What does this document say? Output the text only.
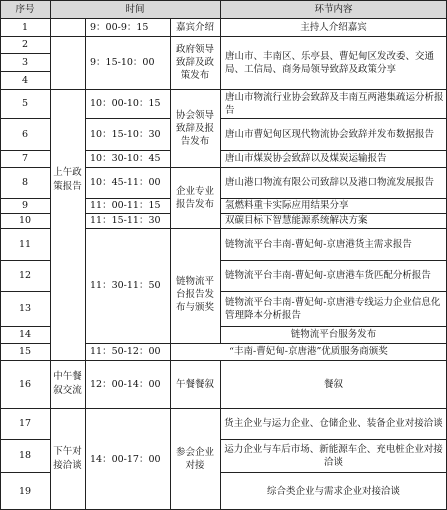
序号	时间	环节内容
上午政策报告
中午餐叙交流
下午对接洽谈
1
2
3
4
5
6
7
8
9
10
11
12
13
14
15
16
17
18
19
9：00-9：15
9：15-10：00
10：00-10：15
10：15-10：30
10：30-10：45
10：45-11：00
11：00-11：15
11：15-11：30
11：30-11：50
11：50-12：00
12：00-14：00
14：00-17：00
嘉宾介绍
政府领导致辞及政策发布
协会领导致辞及报告发布
企业专业报告发布
链物流平台报告发布与颁奖
午餐餐叙
参会企业对接
主持人介绍嘉宾
唐山市、丰南区、乐亭县、曹妃甸区发改委、交通局、工信局、商务局领导致辞及政策分享
唐山市物流行业协会致辞及丰南互两港集疏运分析报告
唐山市曹妃甸区现代物流协会致辞并发布数据报告
唐山市煤炭协会致辞以及煤炭运输报告
唐山港口物流有限公司致辞以及港口物流发展报告
氢燃料重卡实际应用结果分享
双碳目标下智慧能源系统解决方案
链物流平台丰南-曹妃甸-京唐港货主需求报告
链物流平台丰南-曹妃甸-京唐港车货匹配分析报告
链物流平台丰南-曹妃甸-京唐港专线运力企业信息化管理降本分析报告
链物流平台服务发布
“丰南-曹妃甸-京唐港”优质服务商颁奖
餐叙
货主企业与运力企业、仓储企业、装备企业对接洽谈
运力企业与车后市场、新能源车企、充电桩企业对接洽谈
综合类企业与需求企业对接洽谈
